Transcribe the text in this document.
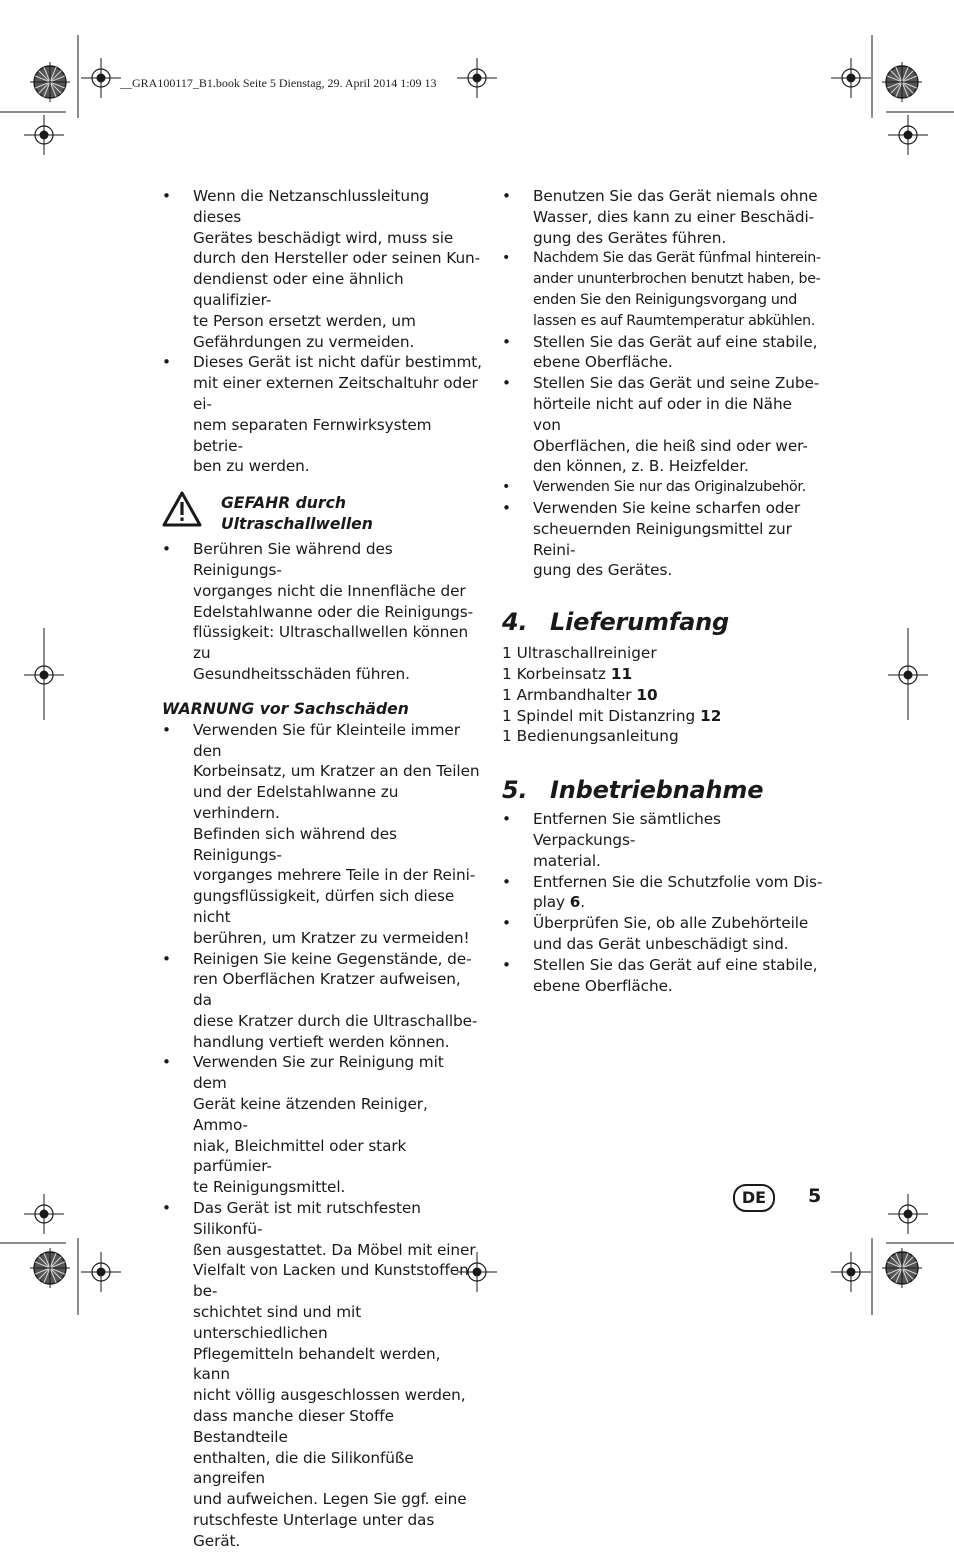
__GRA100117_B1.book Seite 5 Dienstag, 29. April 2014 1:09 13
• Wenn die Netzanschlussleitung dieses
Gerätes beschädigt wird, muss sie
durch den Hersteller oder seinen Kun-
dendienst oder eine ähnlich qualifizier-
te Person ersetzt werden, um
Gefährdungen zu vermeiden.
• Dieses Gerät ist nicht dafür bestimmt,
mit einer externen Zeitschaltuhr oder ei-
nem separaten Fernwirksystem betrie-
ben zu werden.
GEFAHR durch
Ultraschallwellen
• Berühren Sie während des Reinigungs-
vorganges nicht die Innenfläche der
Edelstahlwanne oder die Reinigungs-
flüssigkeit: Ultraschallwellen können zu
Gesundheitsschäden führen.
WARNUNG vor Sachschäden
• Verwenden Sie für Kleinteile immer den
Korbeinsatz, um Kratzer an den Teilen
und der Edelstahlwanne zu verhindern.
Befinden sich während des Reinigungs-
vorganges mehrere Teile in der Reini-
gungsflüssigkeit, dürfen sich diese nicht
berühren, um Kratzer zu vermeiden!
• Reinigen Sie keine Gegenstände, de-
ren Oberflächen Kratzer aufweisen, da
diese Kratzer durch die Ultraschallbe-
handlung vertieft werden können.
• Verwenden Sie zur Reinigung mit dem
Gerät keine ätzenden Reiniger, Ammo-
niak, Bleichmittel oder stark parfümier-
te Reinigungsmittel.
• Das Gerät ist mit rutschfesten Silikonfü-
ßen ausgestattet. Da Möbel mit einer
Vielfalt von Lacken und Kunststoffen be-
schichtet sind und mit unterschiedlichen
Pflegemitteln behandelt werden, kann
nicht völlig ausgeschlossen werden,
dass manche dieser Stoffe Bestandteile
enthalten, die die Silikonfüße angreifen
und aufweichen. Legen Sie ggf. eine
rutschfeste Unterlage unter das Gerät.
• Benutzen Sie das Gerät niemals ohne
Wasser, dies kann zu einer Beschädi-
gung des Gerätes führen.
• Nachdem Sie das Gerät fünfmal hinterein-
ander ununterbrochen benutzt haben, be-
enden Sie den Reinigungsvorgang und
lassen es auf Raumtemperatur abkühlen.
• Stellen Sie das Gerät auf eine stabile,
ebene Oberfläche.
• Stellen Sie das Gerät und seine Zube-
hörteile nicht auf oder in die Nähe von
Oberflächen, die heiß sind oder wer-
den können, z. B. Heizfelder.
• Verwenden Sie nur das Originalzubehör.
• Verwenden Sie keine scharfen oder
scheuernden Reinigungsmittel zur Reini-
gung des Gerätes.
4. Lieferumfang
1 Ultraschallreiniger
1 Korbeinsatz 11
1 Armbandhalter 10
1 Spindel mit Distanzring 12
1 Bedienungsanleitung
5. Inbetriebnahme
• Entfernen Sie sämtliches Verpackungs-
material.
• Entfernen Sie die Schutzfolie vom Dis-
play 6.
• Überprüfen Sie, ob alle Zubehörteile
und das Gerät unbeschädigt sind.
• Stellen Sie das Gerät auf eine stabile,
ebene Oberfläche.
DE	5
